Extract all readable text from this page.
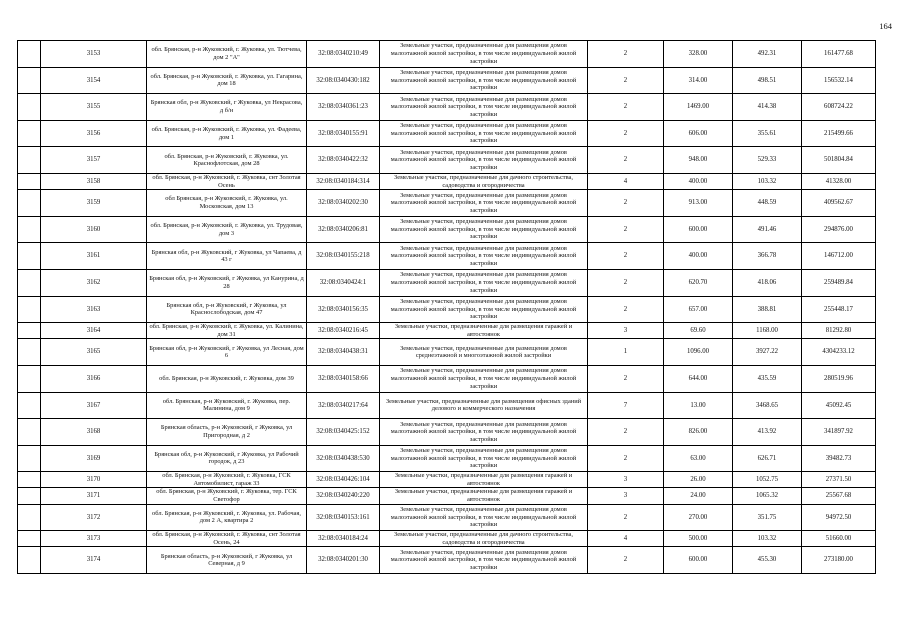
164
	3153	обл. Брянская, р-н Жуковский, г. Жуковка, ул. Тютчева, дом 2 "А"	32:08:0340210:49	Земельные участки, предназначенные для размещения домов малоэтажной жилой застройки, в том числе индивидуальной жилой застройки	2	328.00	492.31	161477.68
	3154	обл. Брянская, р-н Жуковский, г. Жуковка, ул. Гагарина, дом 18	32:08:0340430:182	Земельные участки, предназначенные для размещения домов малоэтажной жилой застройки, в том числе индивидуальной жилой застройки	2	314.00	498.51	156532.14
	3155	Брянская обл, р-н Жуковский, г Жуковка, ул Некрасова, д б/н	32:08:0340361:23	Земельные участки, предназначенные для размещения домов малоэтажной жилой застройки, в том числе индивидуальной жилой застройки	2	1469.00	414.38	608724.22
	3156	обл. Брянская, р-н Жуковский, г. Жуковка, ул. Фадеева, дом 1	32:08:0340155:91	Земельные участки, предназначенные для размещения домов малоэтажной жилой застройки, в том числе индивидуальной жилой застройки	2	606.00	355.61	215499.66
	3157	обл. Брянская, р-н Жуковский, г. Жуковка, ул. Краснофлотская, дом 28	32:08:0340422:32	Земельные участки, предназначенные для размещения домов малоэтажной жилой застройки, в том числе индивидуальной жилой застройки	2	948.00	529.33	501804.84
	3158	обл. Брянская, р-н Жуковский, г. Жуковка, снт Золотая Осень	32:08:0340184:314	Земельные участки, предназначенные для дачного строительства, садоводства и огородничества	4	400.00	103.32	41328.00
	3159	обл Брянская, р-н Жуковский, г. Жуковка, ул. Московская, дом 13	32:08:0340202:30	Земельные участки, предназначенные для размещения домов малоэтажной жилой застройки, в том числе индивидуальной жилой застройки	2	913.00	448.59	409562.67
	3160	обл. Брянская, р-н Жуковский, г. Жуковка, ул. Трудовая, дом 3	32:08:0340206:81	Земельные участки, предназначенные для размещения домов малоэтажной жилой застройки, в том числе индивидуальной жилой застройки	2	600.00	491.46	294876.00
	3161	Брянская обл, р-н Жуковский, г Жуковка, ул Чапаева, д 43 г	32:08:0340155:218	Земельные участки, предназначенные для размещения домов малоэтажной жилой застройки, в том числе индивидуальной жилой застройки	2	400.00	366.78	146712.00
	3162	Брянская обл, р-н Жуковский, г Жуковка, ул Канурина, д 28	32:08:0340424:1	Земельные участки, предназначенные для размещения домов малоэтажной жилой застройки, в том числе индивидуальной жилой застройки	2	620.70	418.06	259489.84
	3163	Брянская обл, р-н Жуковский, г Жуковка, ул Краснослободская, дом 47	32:08:0340156:35	Земельные участки, предназначенные для размещения домов малоэтажной жилой застройки, в том числе индивидуальной жилой застройки	2	657.00	388.81	255448.17
	3164	обл. Брянская, р-н Жуковский, г. Жуковка, ул. Калинина, дом 31	32:08:0340216:45	Земельные участки, предназначенные для размещения гаражей и автостоянок	3	69.60	1168.00	81292.80
	3165	Брянская обл, р-н Жуковский, г Жуковка, ул Лесная, дом 6	32:08:0340438:31	Земельные участки, предназначенные для размещения домов среднеэтажной и многоэтажной жилой застройки	1	1096.00	3927.22	4304233.12
	3166	обл. Брянская, р-н Жуковский, г. Жуковка, дом 39	32:08:0340158:66	Земельные участки, предназначенные для размещения домов малоэтажной жилой застройки, в том числе индивидуальной жилой застройки	2	644.00	435.59	280519.96
	3167	обл. Брянская, р-н Жуковский, г. Жуковка, пер. Малинина, дом 9	32:08:0340217:64	Земельные участки, предназначенные для размещения офисных зданий делового и коммерческого назначения	7	13.00	3468.65	45092.45
	3168	Брянская область, р-н Жуковский, г Жуковка, ул Пригородная, д 2	32:08:0340425:152	Земельные участки, предназначенные для размещения домов малоэтажной жилой застройки, в том числе индивидуальной жилой застройки	2	826.00	413.92	341897.92
	3169	Брянская обл, р-н Жуковский, г Жуковка, ул Рабочий городок, д 23	32:08:0340438:530	Земельные участки, предназначенные для размещения домов малоэтажной жилой застройки, в том числе индивидуальной жилой застройки	2	63.00	626.71	39482.73
	3170	обл. Брянская, р-н Жуковский, г. Жуковка, ГСК Автомобилист, гараж 33	32:08:0340426:104	Земельные участки, предназначенные для размещения гаражей и автостоянок	3	26.00	1052.75	27371.50
	3171	обл. Брянская, р-н Жуковский, г. Жуковка, тер. ГСК Светофор	32:08:0340240:220	Земельные участки, предназначенные для размещения гаражей и автостоянок	3	24.00	1065.32	25567.68
	3172	обл. Брянская, р-н Жуковский, г. Жуковка, ул. Рабочая, дом 2 А, квартира 2	32:08:0340153:161	Земельные участки, предназначенные для размещения домов малоэтажной жилой застройки, в том числе индивидуальной жилой застройки	2	270.00	351.75	94972.50
	3173	обл. Брянская, р-н Жуковский, г. Жуковка, снт Золотая Осень, 24	32:08:0340184:24	Земельные участки, предназначенные для дачного строительства, садоводства и огородничества	4	500.00	103.32	51660.00
	3174	Брянская область, р-н Жуковский, г Жуковка, ул Северная, д 9	32:08:0340201:30	Земельные участки, предназначенные для размещения домов малоэтажной жилой застройки, в том числе индивидуальной жилой застройки	2	600.00	455.30	273180.00
